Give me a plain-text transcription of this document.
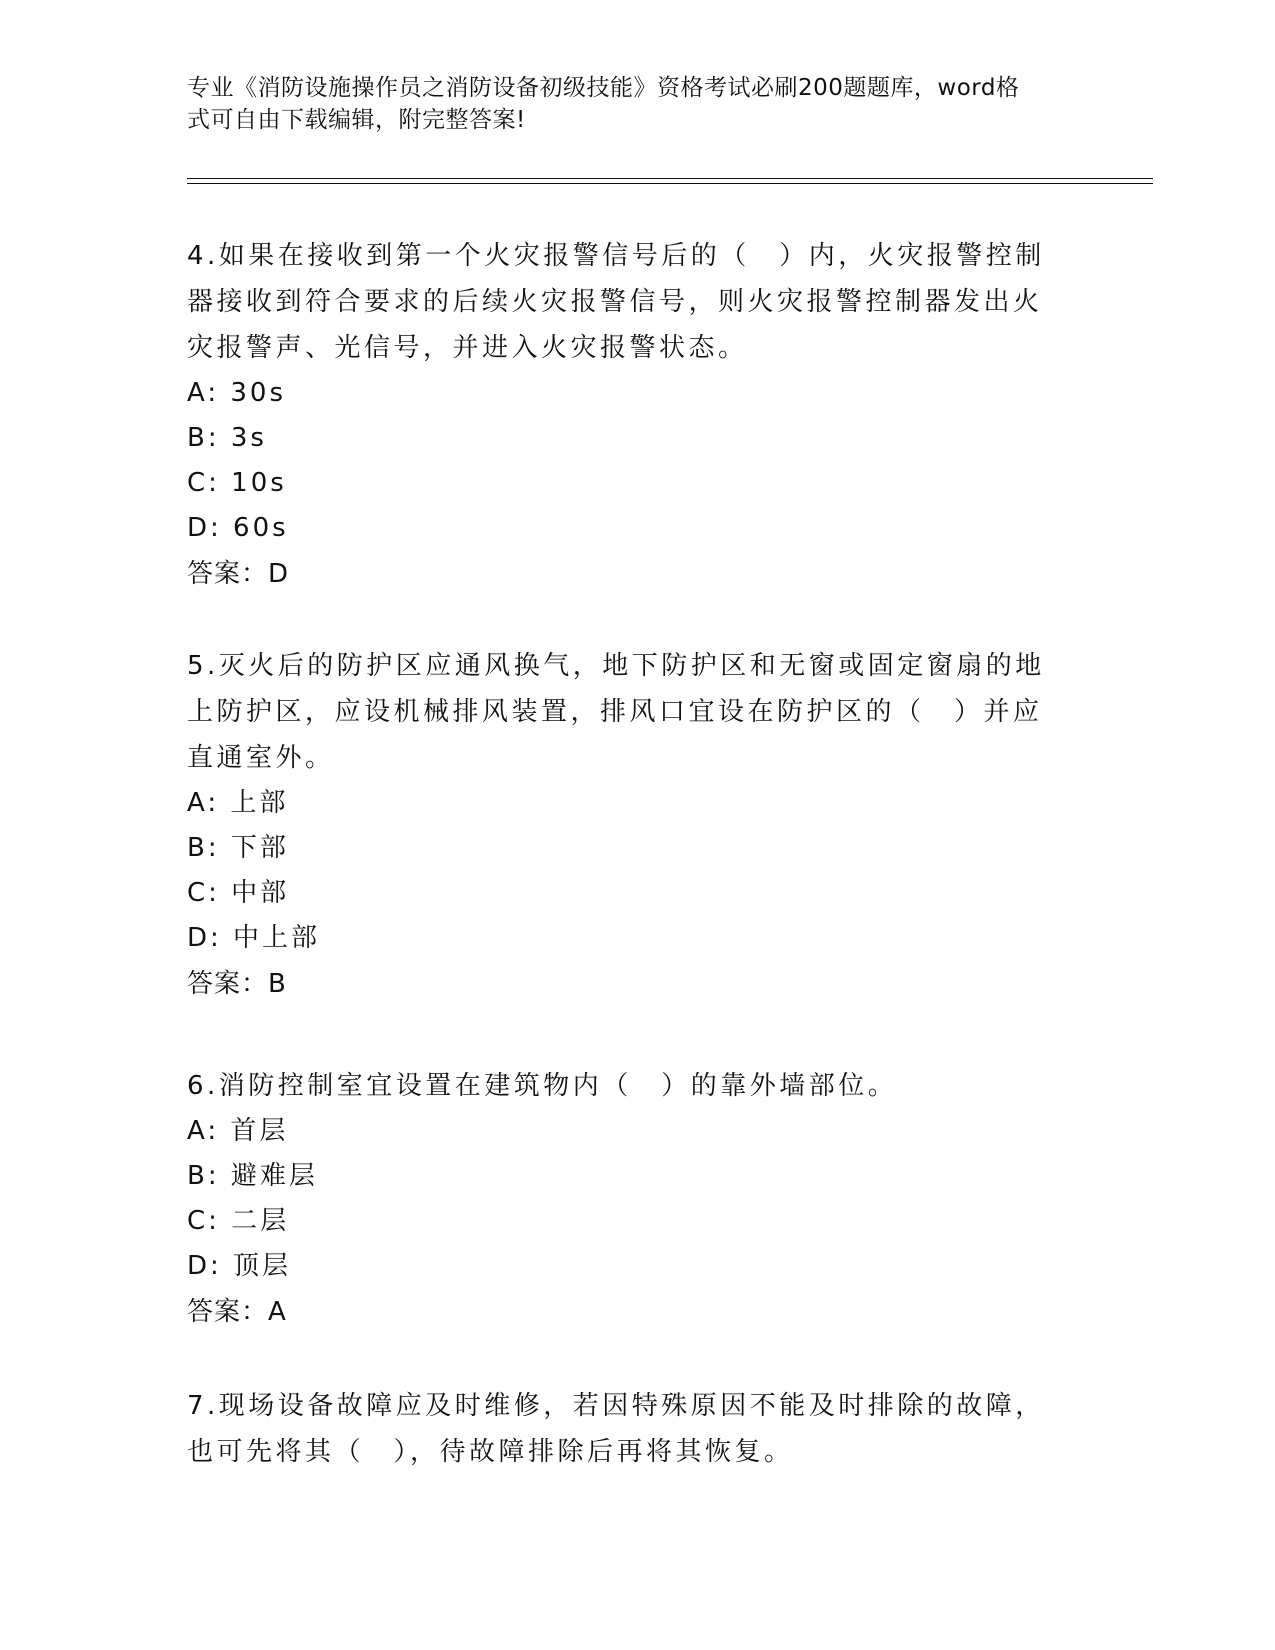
专业《消防设施操作员之消防设备初级技能》资格考试必刷200题题库，word格
式可自由下载编辑，附完整答案!

4.如果在接收到第一个火灾报警信号后的（　）内，火灾报警控制器接收到符合要求的后续火灾报警信号，则火灾报警控制器发出火灾报警声、光信号，并进入火灾报警状态。

A: 30s

B: 3s

C: 10s

D: 60s

答案：D

5.灭火后的防护区应通风换气，地下防护区和无窗或固定窗扇的地上防护区，应设机械排风装置，排风口宜设在防护区的（　）并应直通室外。

A: 上部

B: 下部

C: 中部

D: 中上部

答案：B

6.消防控制室宜设置在建筑物内（　）的靠外墙部位。

A: 首层

B: 避难层

C: 二层

D: 顶层

答案：A

7.现场设备故障应及时维修，若因特殊原因不能及时排除的故障，也可先将其（　），待故障排除后再将其恢复。
